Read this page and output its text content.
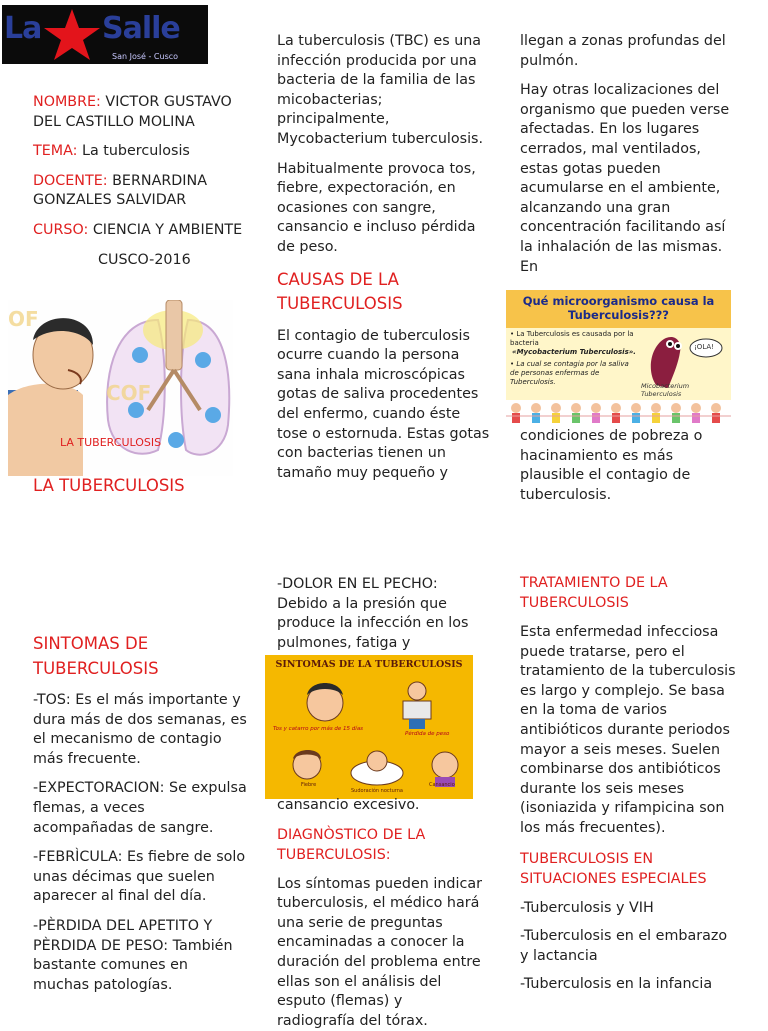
La Salle
San José - Cusco

NOMBRE: VICTOR GUSTAVO DEL CASTILLO MOLINA

TEMA: La tuberculosis

DOCENTE: BERNARDINA GONZALES SALVIDAR

CURSO: CIENCIA Y AMBIENTE

CUSCO-2016

COF
OF
LA TUBERCULOSIS
LA TUBERCULOSIS

La tuberculosis (TBC) es una infección producida por una bacteria de la familia de las micobacterias; principalmente, Mycobacterium tuberculosis.

Habitualmente provoca tos, fiebre, expectoración, en ocasiones con sangre, cansancio e incluso pérdida de peso.

CAUSAS DE LA TUBERCULOSIS

El contagio de tuberculosis ocurre cuando la persona sana inhala microscópicas gotas de saliva procedentes del enfermo, cuando éste tose o estornuda. Estas gotas con bacterias tienen un tamaño muy pequeño y

llegan a zonas profundas del pulmón.

Hay otras localizaciones del organismo que pueden verse afectadas. En los lugares cerrados, mal ventilados, estas gotas pueden acumularse en el ambiente, alcanzando una gran concentración facilitando así la inhalación de las mismas. En

Qué microorganismo causa la Tuberculosis???
• La Tuberculosis es causada por la bacteria
«Mycobacterium Tuberculosis».
• La cual se contagia por la saliva de personas enfermas de Tuberculosis.
¡OLA!
Micobacterium Tuberculosis
condiciones de pobreza o hacinamiento es más plausible el contagio de tuberculosis.

SINTOMAS DE TUBERCULOSIS

-TOS: Es el más importante y dura más de dos semanas, es el mecanismo de contagio más frecuente.

-EXPECTORACION: Se expulsa flemas, a veces acompañadas de sangre.

-FEBRÌCULA: Es fiebre de solo unas décimas que suelen aparecer al final del día.

-PÈRDIDA DEL APETITO Y PÈRDIDA DE PESO: También bastante comunes en muchas patologías.

-DOLOR EN EL PECHO: Debido a la presión que produce la infección en los pulmones, fatiga y
SINTOMAS DE LA TUBERCULOSIS
Tos y catarro por más de 15 días
Pérdida de peso
Fiebre
Sudoración nocturna
Cansancio

cansancio excesivo.

DIAGNÒSTICO DE LA TUBERCULOSIS:

Los síntomas pueden indicar tuberculosis, el médico hará una serie de preguntas encaminadas a conocer la duración del problema entre ellas son el análisis del esputo (flemas) y radiografía del tórax.

TRATAMIENTO DE LA TUBERCULOSIS

Esta enfermedad infecciosa puede tratarse, pero el tratamiento de la tuberculosis es largo y complejo. Se basa en la toma de varios antibióticos durante periodos mayor a seis meses. Suelen combinarse dos antibióticos durante los seis meses (isoniazida y rifampicina son los más frecuentes).

TUBERCULOSIS EN SITUACIONES ESPECIALES

-Tuberculosis y VIH

-Tuberculosis en el embarazo y lactancia

-Tuberculosis en la infancia
